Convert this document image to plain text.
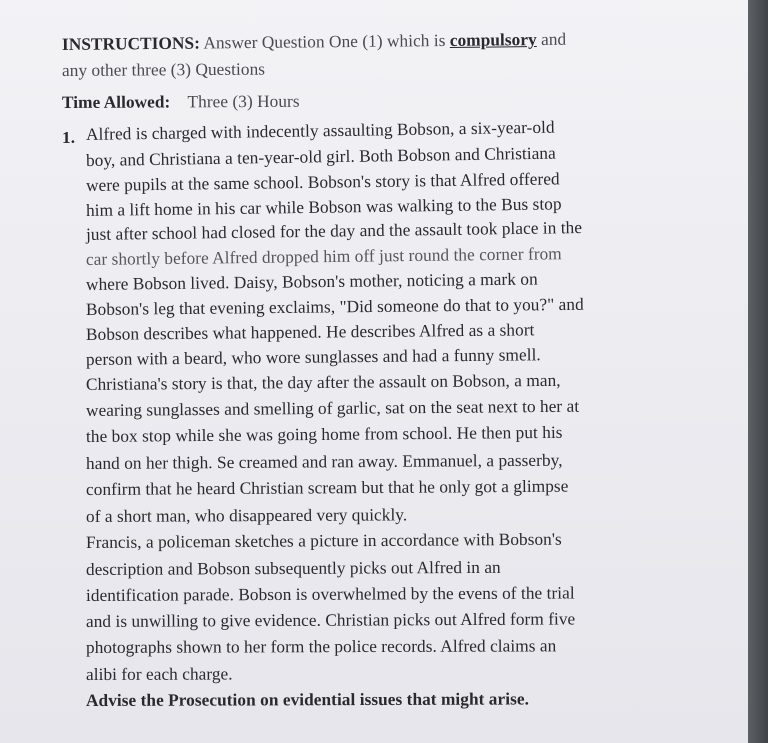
INSTRUCTIONS: Answer Question One (1) which is compulsory and
any other three (3) Questions
Time Allowed: Three (3) Hours
1. Alfred is charged with indecently assaulting Bobson, a six-year-old
boy, and Christiana a ten-year-old girl. Both Bobson and Christiana
were pupils at the same school. Bobson's story is that Alfred offered
him a lift home in his car while Bobson was walking to the Bus stop
just after school had closed for the day and the assault took place in the
car shortly before Alfred dropped him off just round the corner from
where Bobson lived. Daisy, Bobson's mother, noticing a mark on
Bobson's leg that evening exclaims, "Did someone do that to you?" and
Bobson describes what happened. He describes Alfred as a short
person with a beard, who wore sunglasses and had a funny smell.
Christiana's story is that, the day after the assault on Bobson, a man,
wearing sunglasses and smelling of garlic, sat on the seat next to her at
the box stop while she was going home from school. He then put his
hand on her thigh. Se creamed and ran away. Emmanuel, a passerby,
confirm that he heard Christian scream but that he only got a glimpse
of a short man, who disappeared very quickly.
Francis, a policeman sketches a picture in accordance with Bobson's
description and Bobson subsequently picks out Alfred in an
identification parade. Bobson is overwhelmed by the evens of the trial
and is unwilling to give evidence. Christian picks out Alfred form five
photographs shown to her form the police records. Alfred claims an
alibi for each charge.
Advise the Prosecution on evidential issues that might arise.
